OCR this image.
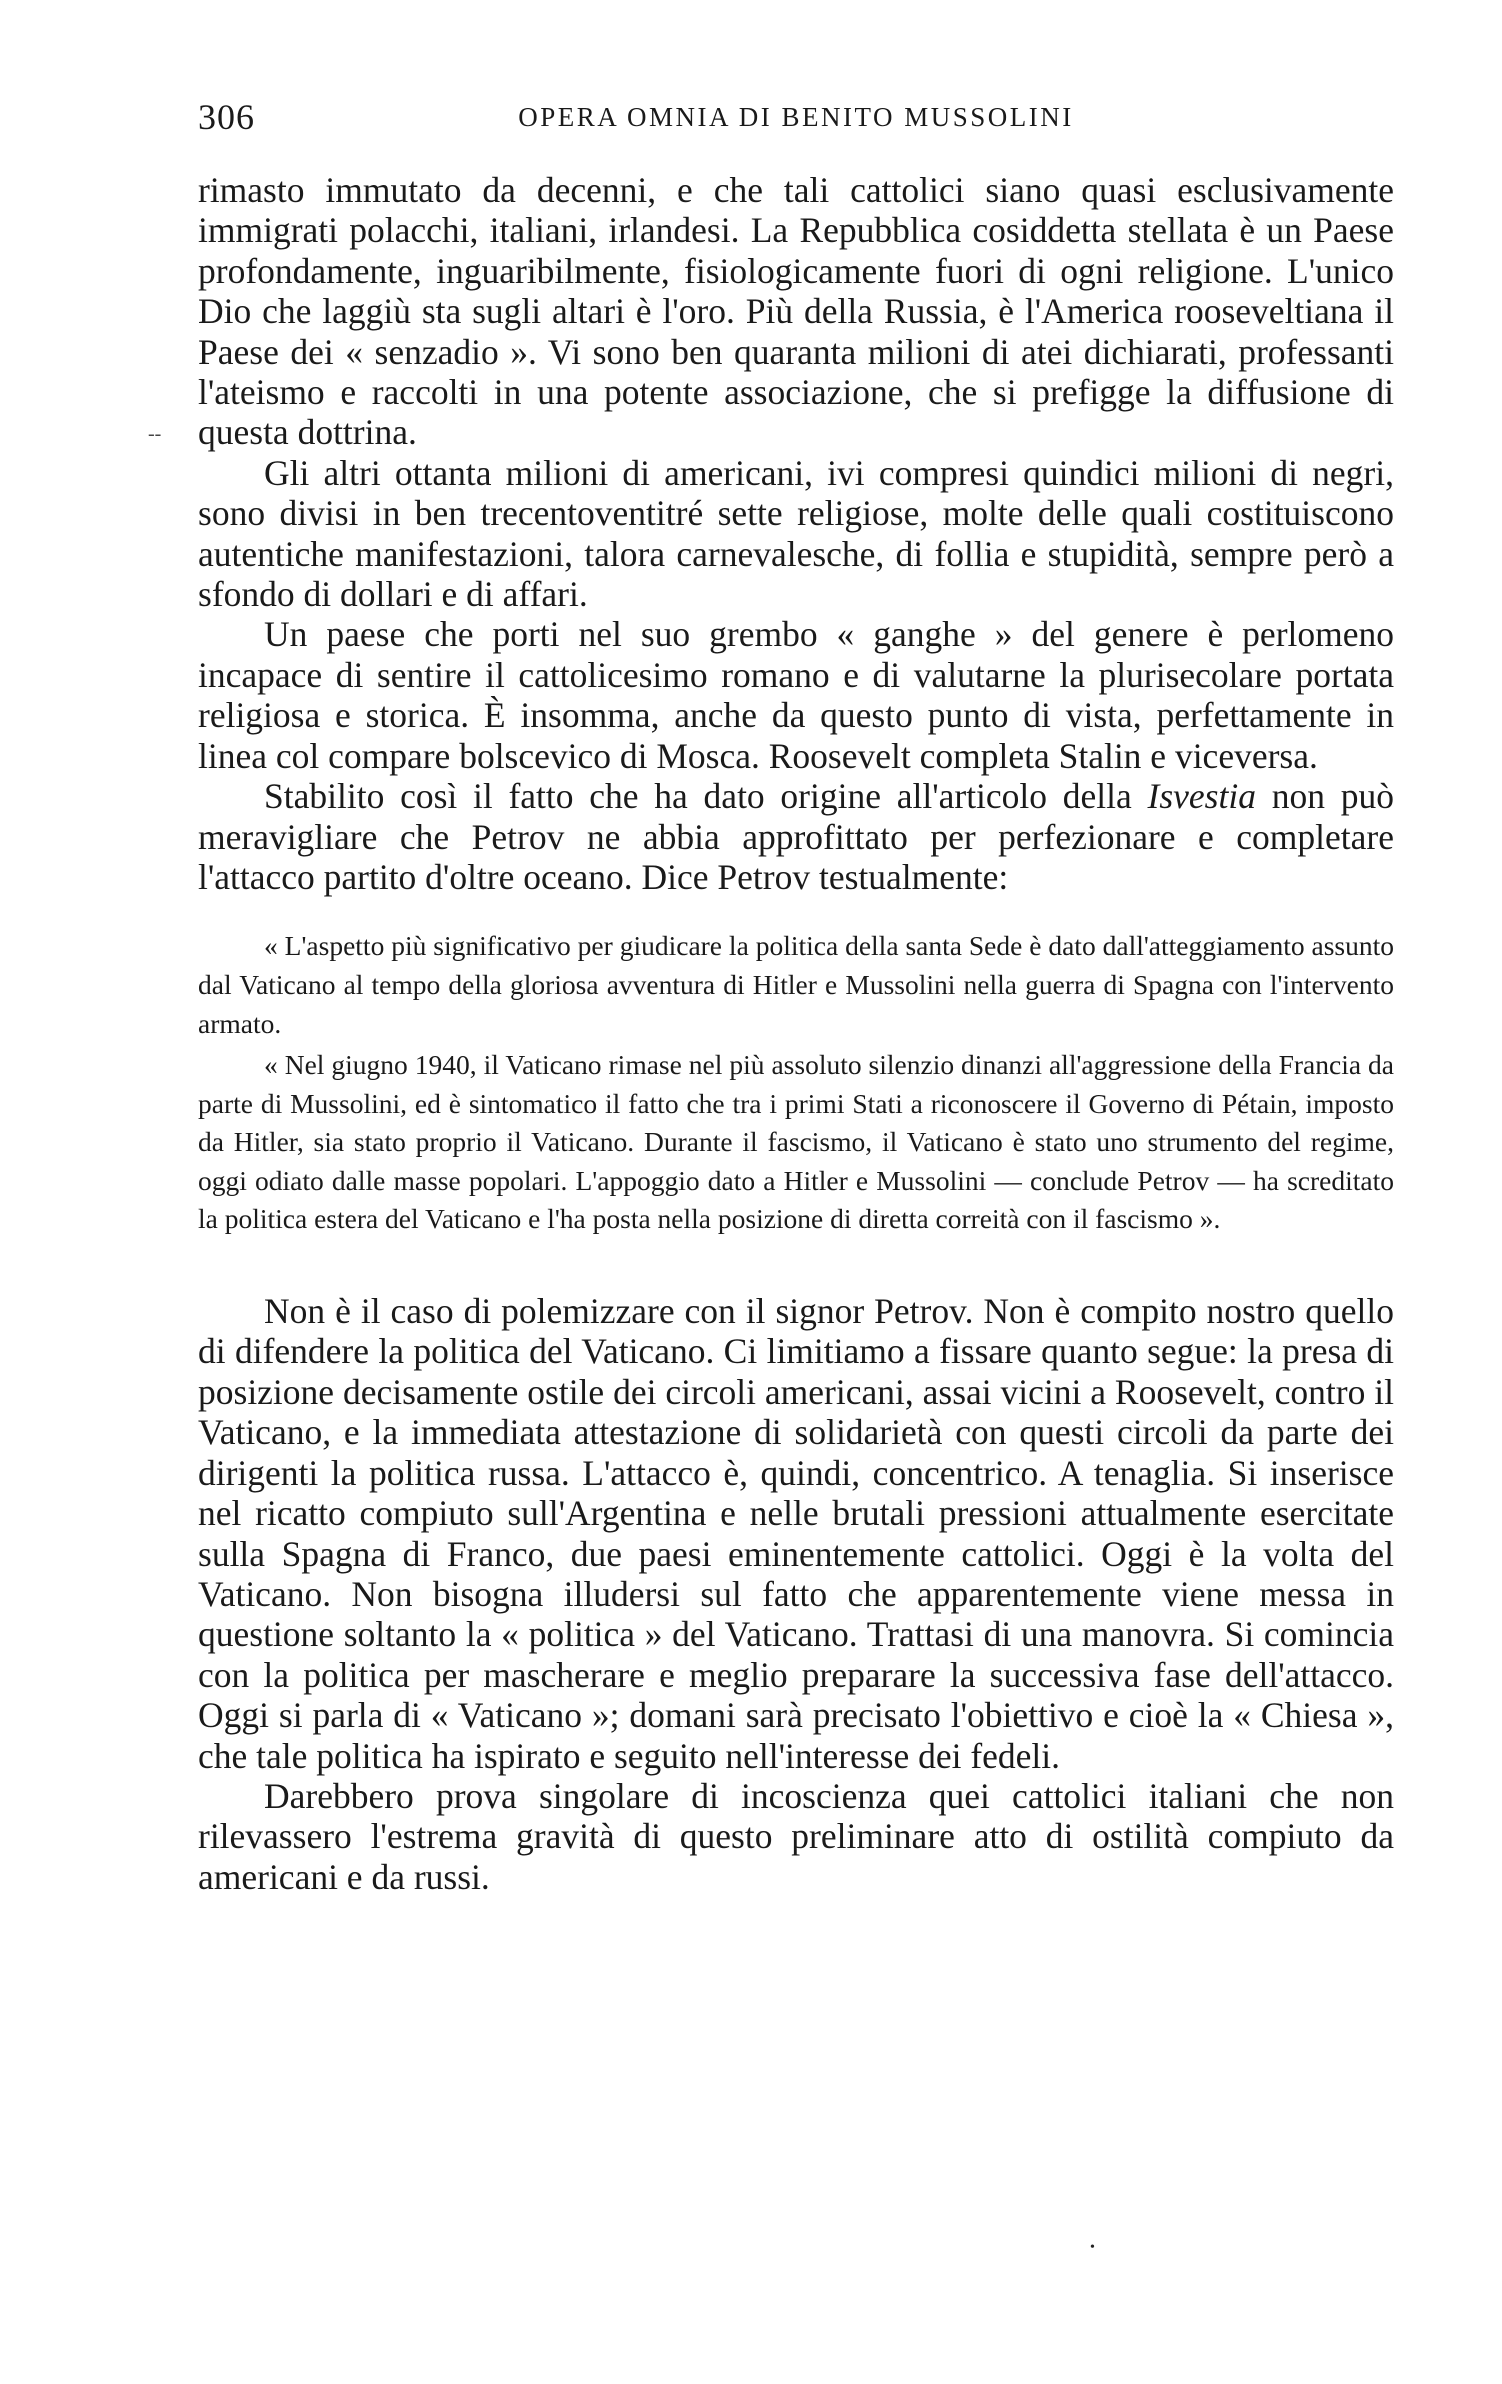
306	OPERA OMNIA DI BENITO MUSSOLINI
‐‐

rimasto immutato da decenni, e che tali cattolici siano quasi esclusivamente immigrati polacchi, italiani, irlandesi. La Repubblica cosiddetta stellata è un Paese profondamente, inguaribilmente, fisiologicamente fuori di ogni religione. L'unico Dio che laggiù sta sugli altari è l'oro. Più della Russia, è l'America rooseveltiana il Paese dei « senzadio ». Vi sono ben quaranta milioni di atei dichiarati, professanti l'ateismo e raccolti in una potente associazione, che si prefigge la diffusione di questa dottrina.

Gli altri ottanta milioni di americani, ivi compresi quindici milioni di negri, sono divisi in ben trecentoventitré sette religiose, molte delle quali costituiscono autentiche manifestazioni, talora carnevalesche, di follia e stupidità, sempre però a sfondo di dollari e di affari.

Un paese che porti nel suo grembo « ganghe » del genere è perlomeno incapace di sentire il cattolicesimo romano e di valutarne la plurisecolare portata religiosa e storica. È insomma, anche da questo punto di vista, perfettamente in linea col compare bolscevico di Mosca. Roosevelt completa Stalin e viceversa.

Stabilito così il fatto che ha dato origine all'articolo della Isvestia non può meravigliare che Petrov ne abbia approfittato per perfezionare e completare l'attacco partito d'oltre oceano. Dice Petrov testualmente:

« L'aspetto più significativo per giudicare la politica della santa Sede è dato dall'atteggiamento assunto dal Vaticano al tempo della gloriosa avventura di Hitler e Mussolini nella guerra di Spagna con l'intervento armato.

« Nel giugno 1940, il Vaticano rimase nel più assoluto silenzio dinanzi all'aggressione della Francia da parte di Mussolini, ed è sintomatico il fatto che tra i primi Stati a riconoscere il Governo di Pétain, imposto da Hitler, sia stato proprio il Vaticano. Durante il fascismo, il Vaticano è stato uno strumento del regime, oggi odiato dalle masse popolari. L'appoggio dato a Hitler e Mussolini — conclude Petrov — ha screditato la politica estera del Vaticano e l'ha posta nella posizione di diretta correità con il fascismo ».

Non è il caso di polemizzare con il signor Petrov. Non è compito nostro quello di difendere la politica del Vaticano. Ci limitiamo a fissare quanto segue: la presa di posizione decisamente ostile dei circoli americani, assai vicini a Roosevelt, contro il Vaticano, e la immediata attestazione di solidarietà con questi circoli da parte dei dirigenti la politica russa. L'attacco è, quindi, concentrico. A tenaglia. Si inserisce nel ricatto compiuto sull'Argentina e nelle brutali pressioni attualmente esercitate sulla Spagna di Franco, due paesi eminentemente cattolici. Oggi è la volta del Vaticano. Non bisogna illudersi sul fatto che apparentemente viene messa in questione soltanto la « politica » del Vaticano. Trattasi di una manovra. Si comincia con la politica per mascherare e meglio preparare la successiva fase dell'attacco. Oggi si parla di « Vaticano »; domani sarà precisato l'obiettivo e cioè la « Chiesa », che tale politica ha ispirato e seguito nell'interesse dei fedeli.

Darebbero prova singolare di incoscienza quei cattolici italiani che non rilevassero l'estrema gravità di questo preliminare atto di ostilità compiuto da americani e da russi.

•
